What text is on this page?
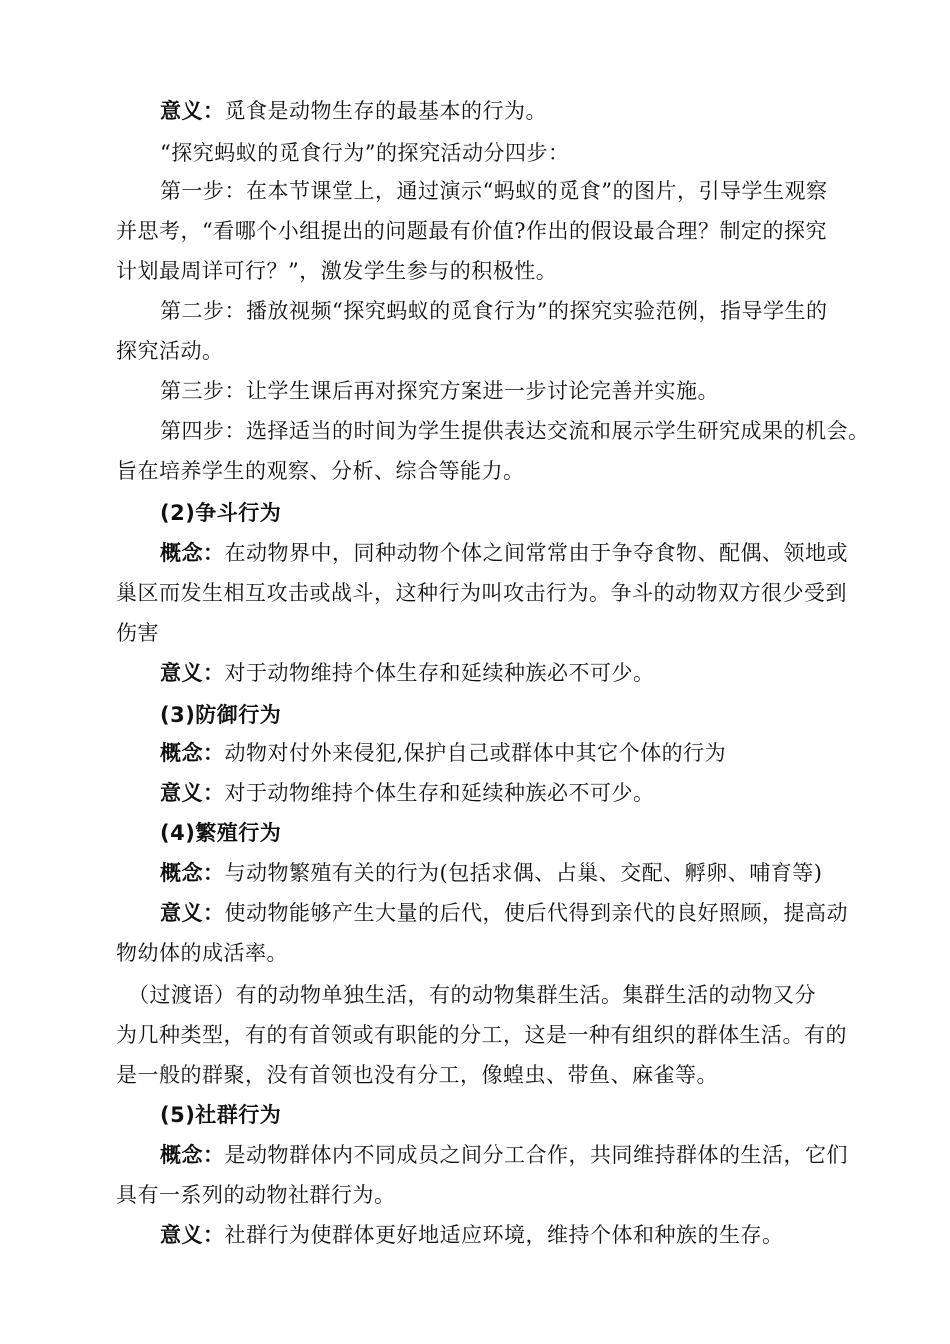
意义：觅食是动物生存的最基本的行为。
“探究蚂蚁的觅食行为”的探究活动分四步：
第一步：在本节课堂上，通过演示“蚂蚁的觅食”的图片，引导学生观察
并思考，“看哪个小组提出的问题最有价值?作出的假设最合理？制定的探究
计划最周详可行？”，激发学生参与的积极性。
第二步：播放视频“探究蚂蚁的觅食行为”的探究实验范例，指导学生的
探究活动。
第三步：让学生课后再对探究方案进一步讨论完善并实施。
第四步：选择适当的时间为学生提供表达交流和展示学生研究成果的机会。
旨在培养学生的观察、分析、综合等能力。
(2)争斗行为
概念：在动物界中，同种动物个体之间常常由于争夺食物、配偶、领地或
巢区而发生相互攻击或战斗，这种行为叫攻击行为。争斗的动物双方很少受到
伤害
意义：对于动物维持个体生存和延续种族必不可少。
(3)防御行为
概念：动物对付外来侵犯,保护自己或群体中其它个体的行为
意义：对于动物维持个体生存和延续种族必不可少。
(4)繁殖行为
概念：与动物繁殖有关的行为(包括求偶、占巢、交配、孵卵、哺育等)
意义：使动物能够产生大量的后代，使后代得到亲代的良好照顾，提高动
物幼体的成活率。
（过渡语）有的动物单独生活，有的动物集群生活。集群生活的动物又分
为几种类型，有的有首领或有职能的分工，这是一种有组织的群体生活。有的
是一般的群聚，没有首领也没有分工，像蝗虫、带鱼、麻雀等。
(5)社群行为
概念：是动物群体内不同成员之间分工合作，共同维持群体的生活，它们
具有一系列的动物社群行为。
意义：社群行为使群体更好地适应环境，维持个体和种族的生存。
